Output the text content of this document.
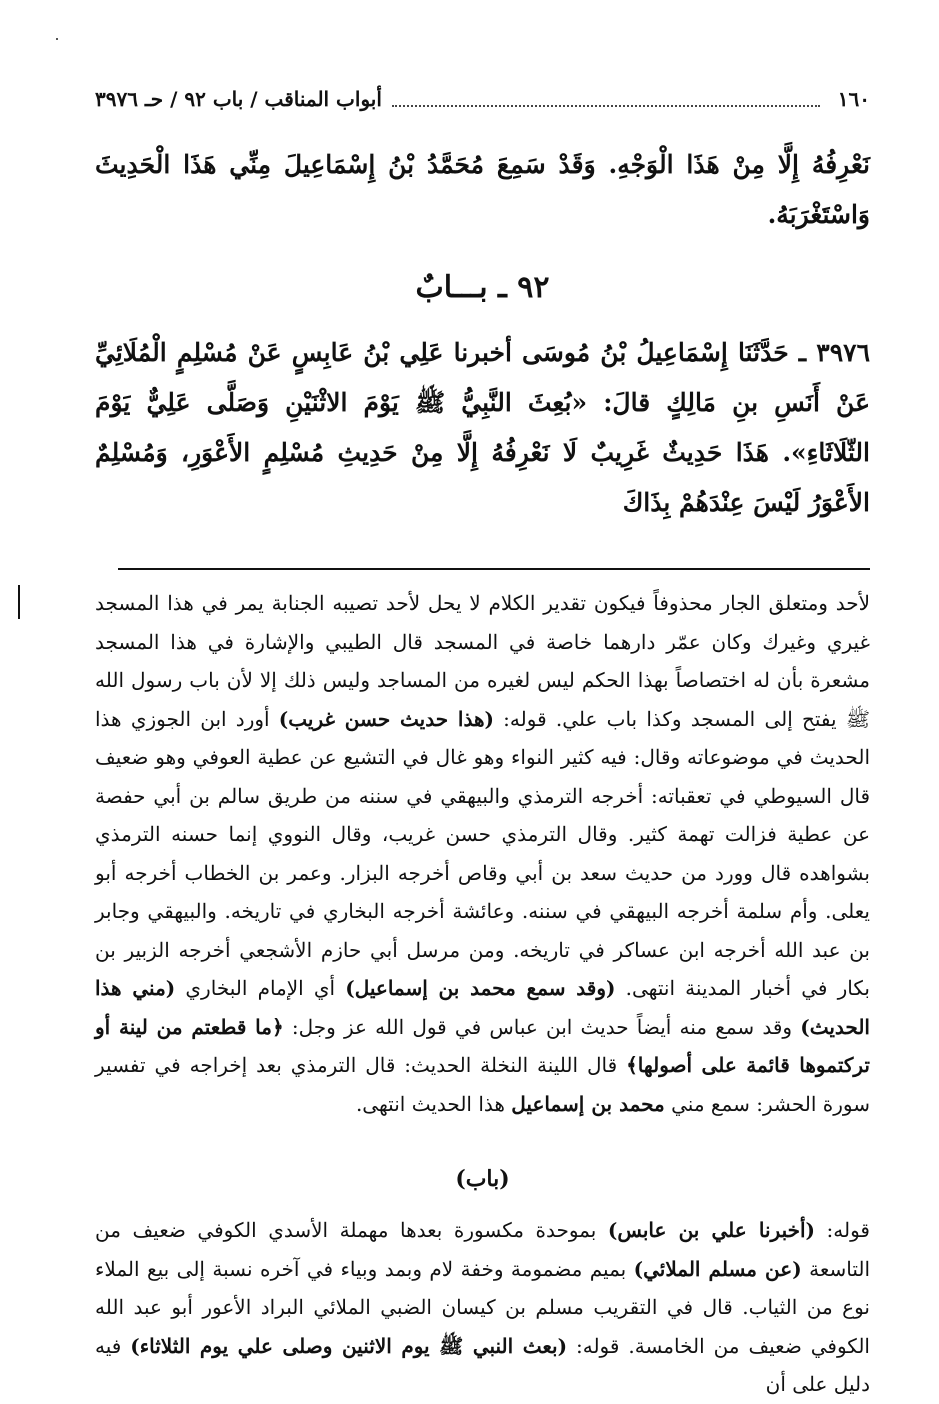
١٦٠
أبواب المناقب / باب ٩٢ / حـ ٣٩٧٦

نَعْرِفُهُ إِلَّا مِنْ هَذَا الْوَجْهِ. وَقَدْ سَمِعَ مُحَمَّدُ بْنُ إِسْمَاعِيلَ مِنِّي هَذَا الْحَدِيثَ وَاسْتَغْرَبَهُ.

٩٢ ـ بـــابٌ

٣٩٧٦ ـ حَدَّثَنَا إِسْمَاعِيلُ بْنُ مُوسَى أخبرنا عَلِي بْنُ عَابِسٍ عَنْ مُسْلِمٍ الْمُلَائِيِّ عَنْ أَنَسِ بنِ مَالِكٍ قالَ: «بُعِثَ النَّبِيُّ ﷺ يَوْمَ الاثْنَيْنِ وَصَلَّى عَلِيٌّ يَوْمَ الثّلَاثَاءِ». هَذَا حَدِيثٌ غَرِيبٌ لَا نَعْرِفُهُ إِلَّا مِنْ حَدِيثِ مُسْلِمٍ الأَعْوَرِ، وَمُسْلِمٌ الأَعْوَرُ لَيْسَ عِنْدَهُمْ بِذَاكَ

لأحد ومتعلق الجار محذوفاً فيكون تقدير الكلام لا يحل لأحد تصيبه الجنابة يمر في هذا المسجد غيري وغيرك وكان عمّر دارهما خاصة في المسجد قال الطيبي والإشارة في هذا المسجد مشعرة بأن له اختصاصاً بهذا الحكم ليس لغيره من المساجد وليس ذلك إلا لأن باب رسول الله ﷺ يفتح إلى المسجد وكذا باب علي. قوله: (هذا حديث حسن غريب) أورد ابن الجوزي هذا الحديث في موضوعاته وقال: فيه كثير النواء وهو غال في التشيع عن عطية العوفي وهو ضعيف قال السيوطي في تعقباته: أخرجه الترمذي والبيهقي في سننه من طريق سالم بن أبي حفصة عن عطية فزالت تهمة كثير. وقال الترمذي حسن غريب، وقال النووي إنما حسنه الترمذي بشواهده قال وورد من حديث سعد بن أبي وقاص أخرجه البزار. وعمر بن الخطاب أخرجه أبو يعلى. وأم سلمة أخرجه البيهقي في سننه. وعائشة أخرجه البخاري في تاريخه. والبيهقي وجابر بن عبد الله أخرجه ابن عساكر في تاريخه. ومن مرسل أبي حازم الأشجعي أخرجه الزبير بن بكار في أخبار المدينة انتهى. (وقد سمع محمد بن إسماعيل) أي الإمام البخاري (مني هذا الحديث) وقد سمع منه أيضاً حديث ابن عباس في قول الله عز وجل: ﴿ما قطعتم من لينة أو تركتموها قائمة على أصولها﴾ قال اللينة النخلة الحديث: قال الترمذي بعد إخراجه في تفسير سورة الحشر: سمع مني محمد بن إسماعيل هذا الحديث انتهى.

(باب)

قوله: (أخبرنا علي بن عابس) بموحدة مكسورة بعدها مهملة الأسدي الكوفي ضعيف من التاسعة (عن مسلم الملائي) بميم مضمومة وخفة لام وبمد وبياء في آخره نسبة إلى بيع الملاء نوع من الثياب. قال في التقريب مسلم بن كيسان الضبي الملائي البراد الأعور أبو عبد الله الكوفي ضعيف من الخامسة. قوله: (بعث النبي ﷺ يوم الاثنين وصلى علي يوم الثلاثاء) فيه دليل على أن
